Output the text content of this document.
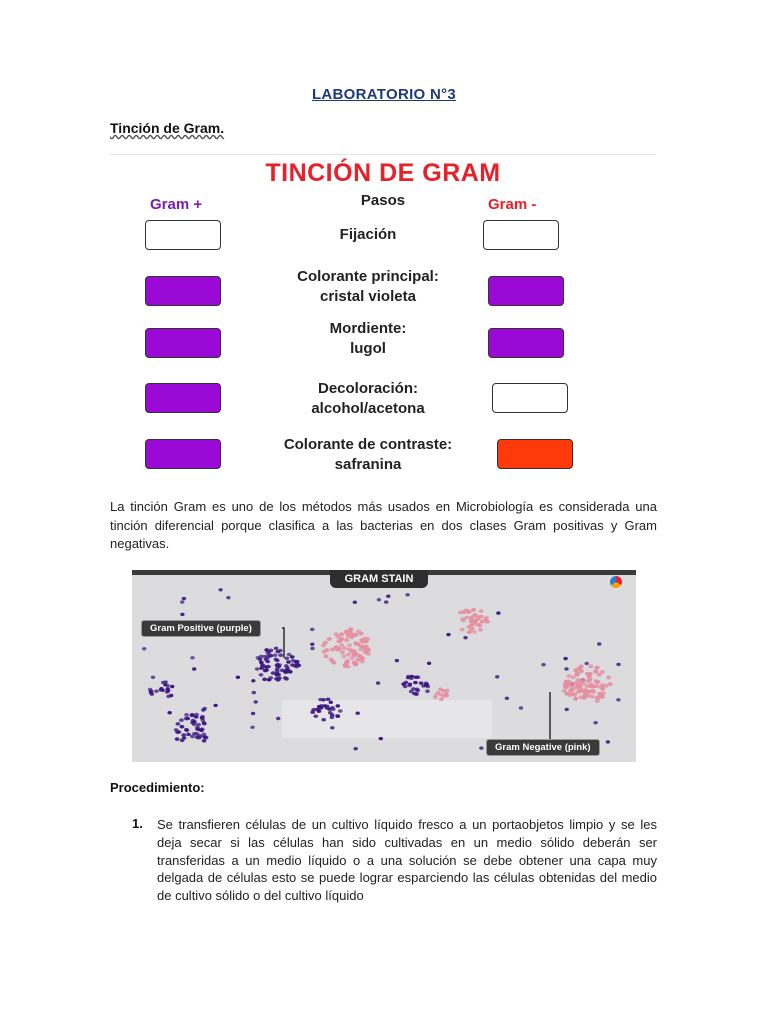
LABORATORIO N°3
Tinción de Gram.
TINCIÓN DE GRAM
Gram +	Pasos	Gram -
Fijación
Colorante principal:
cristal violeta
Mordiente:
lugol
Decoloración:
alcohol/acetona
Colorante de contraste:
safranina
La tinción Gram es uno de los métodos más usados en Microbiología es considerada una tinción diferencial porque clasifica a las bacterias en dos clases Gram positivas y Gram negativas.
GRAM STAIN
Gram Positive (purple)
Gram Negative (pink)
Procedimiento:
1. Se transfieren células de un cultivo líquido fresco a un portaobjetos limpio y se les deja secar si las células han sido cultivadas en un medio sólido deberán ser transferidas a un medio líquido o a una solución se debe obtener una capa muy delgada de células esto se puede lograr esparciendo las células obtenidas del medio de cultivo sólido o del cultivo líquido
